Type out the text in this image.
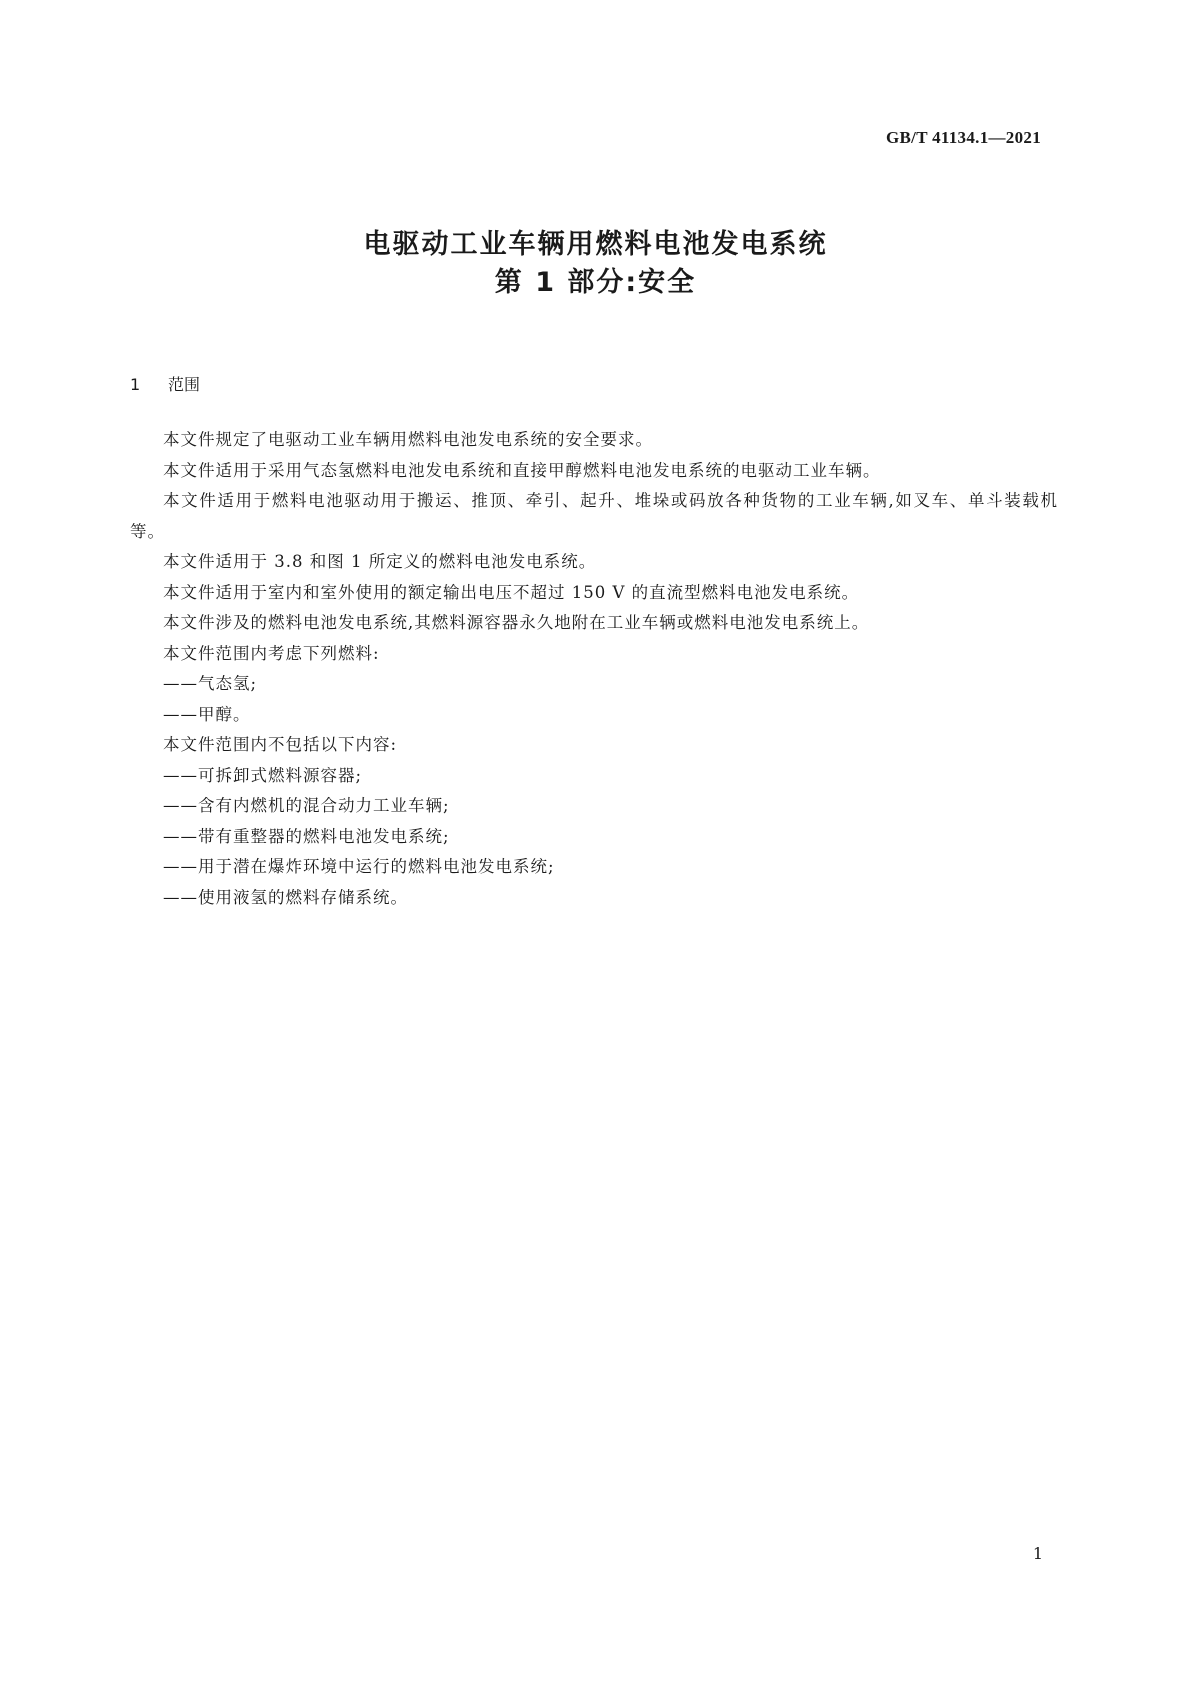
GB/T 41134.1—2021
电驱动工业车辆用燃料电池发电系统
第 1 部分:安全
1 范围

本文件规定了电驱动工业车辆用燃料电池发电系统的安全要求。

本文件适用于采用气态氢燃料电池发电系统和直接甲醇燃料电池发电系统的电驱动工业车辆。

本文件适用于燃料电池驱动用于搬运、推顶、牵引、起升、堆垛或码放各种货物的工业车辆,如叉车、单斗装载机等。

本文件适用于 3.8 和图 1 所定义的燃料电池发电系统。

本文件适用于室内和室外使用的额定输出电压不超过 150 V 的直流型燃料电池发电系统。

本文件涉及的燃料电池发电系统,其燃料源容器永久地附在工业车辆或燃料电池发电系统上。

本文件范围内考虑下列燃料:

——气态氢;

——甲醇。

本文件范围内不包括以下内容:

——可拆卸式燃料源容器;

——含有内燃机的混合动力工业车辆;

——带有重整器的燃料电池发电系统;

——用于潜在爆炸环境中运行的燃料电池发电系统;

——使用液氢的燃料存储系统。

1
